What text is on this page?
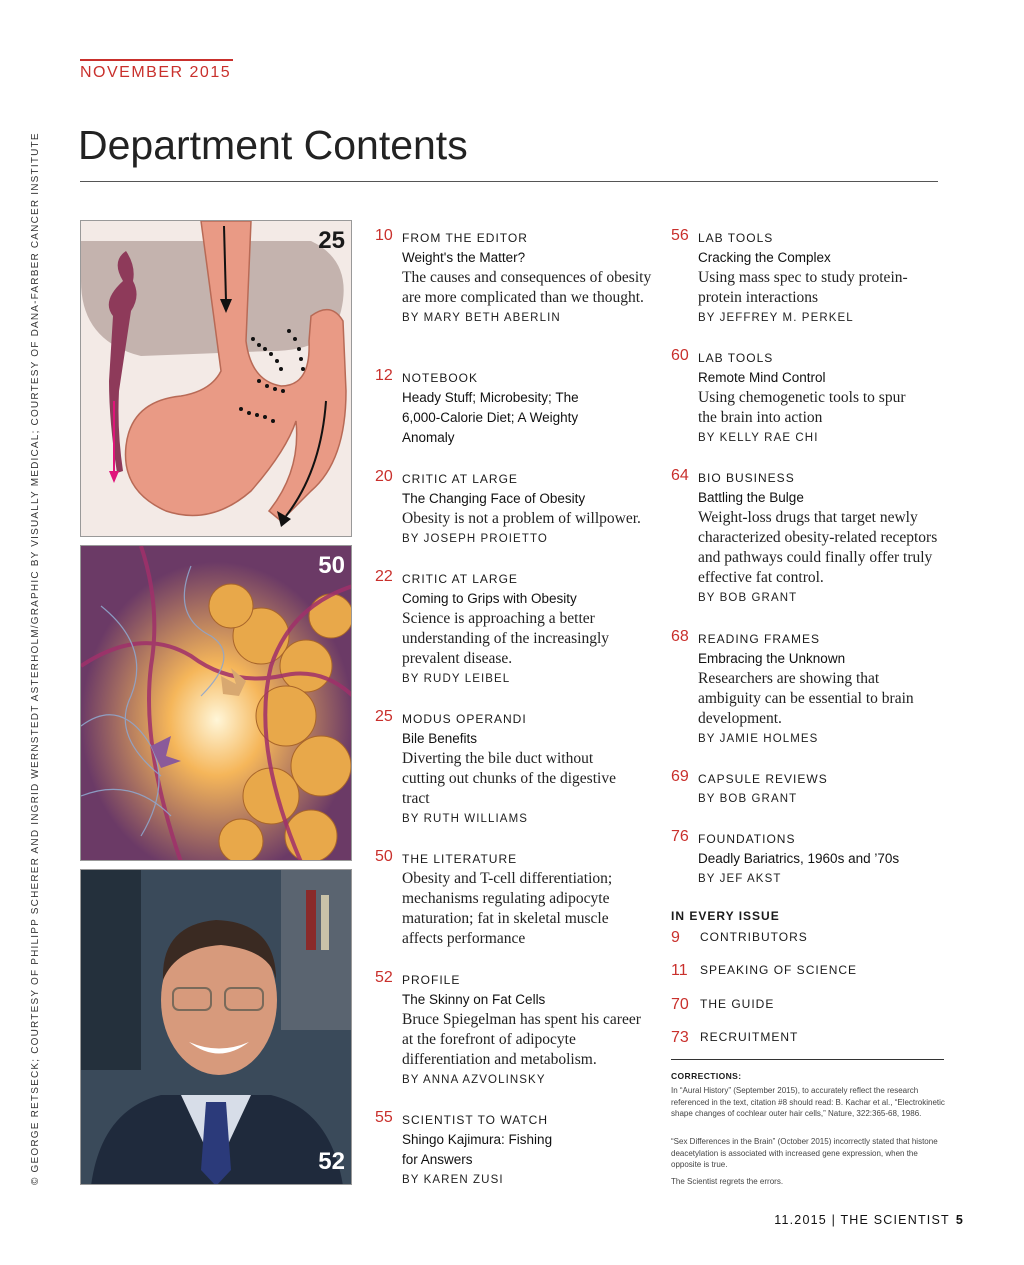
NOVEMBER 2015
Department Contents
© GEORGE RETSECK; COURTESY OF PHILIPP SCHERER AND INGRID WERNSTEDT ASTERHOLM/GRAPHIC BY VISUALLY MEDICAL; COURTESY OF DANA-FARBER CANCER INSTITUTE	25
50
52
10 FROM THE EDITOR
Weight's the Matter?
The causes and consequences of obesity are more complicated than we thought.
BY MARY BETH ABERLIN
12 NOTEBOOK
Heady Stuff; Microbesity; The 6,000-Calorie Diet; A Weighty Anomaly
20 CRITIC AT LARGE
The Changing Face of Obesity
Obesity is not a problem of willpower.
BY JOSEPH PROIETTO
22 CRITIC AT LARGE
Coming to Grips with Obesity
Science is approaching a better understanding of the increasingly prevalent disease.
BY RUDY LEIBEL
25 MODUS OPERANDI
Bile Benefits
Diverting the bile duct without cutting out chunks of the digestive tract
BY RUTH WILLIAMS
50 THE LITERATURE
Obesity and T-cell differentiation; mechanisms regulating adipocyte maturation; fat in skeletal muscle affects performance
52 PROFILE
The Skinny on Fat Cells
Bruce Spiegelman has spent his career at the forefront of adipocyte differentiation and metabolism.
BY ANNA AZVOLINSKY
55 SCIENTIST TO WATCH
Shingo Kajimura: Fishing for Answers
BY KAREN ZUSI
56 LAB TOOLS
Cracking the Complex
Using mass spec to study protein-protein interactions
BY JEFFREY M. PERKEL
60 LAB TOOLS
Remote Mind Control
Using chemogenetic tools to spur the brain into action
BY KELLY RAE CHI
64 BIO BUSINESS
Battling the Bulge
Weight-loss drugs that target newly characterized obesity-related receptors and pathways could finally offer truly effective fat control.
BY BOB GRANT
68 READING FRAMES
Embracing the Unknown
Researchers are showing that ambiguity can be essential to brain development.
BY JAMIE HOLMES
69 CAPSULE REVIEWS
BY BOB GRANT
76 FOUNDATIONS
Deadly Bariatrics, 1960s and ’70s
BY JEF AKST
IN EVERY ISSUE
9 CONTRIBUTORS
11 SPEAKING OF SCIENCE
70 THE GUIDE
73 RECRUITMENT
CORRECTIONS:
In “Aural History” (September 2015), to accurately reflect the research referenced in the text, citation #8 should read: B. Kachar et al., “Electrokinetic shape changes of cochlear outer hair cells,” Nature, 322:365-68, 1986.
“Sex Differences in the Brain” (October 2015) incorrectly stated that histone deacetylation is associated with increased gene expression, when the opposite is true.
The Scientist regrets the errors.
11.2015 | THE SCIENTIST 5
